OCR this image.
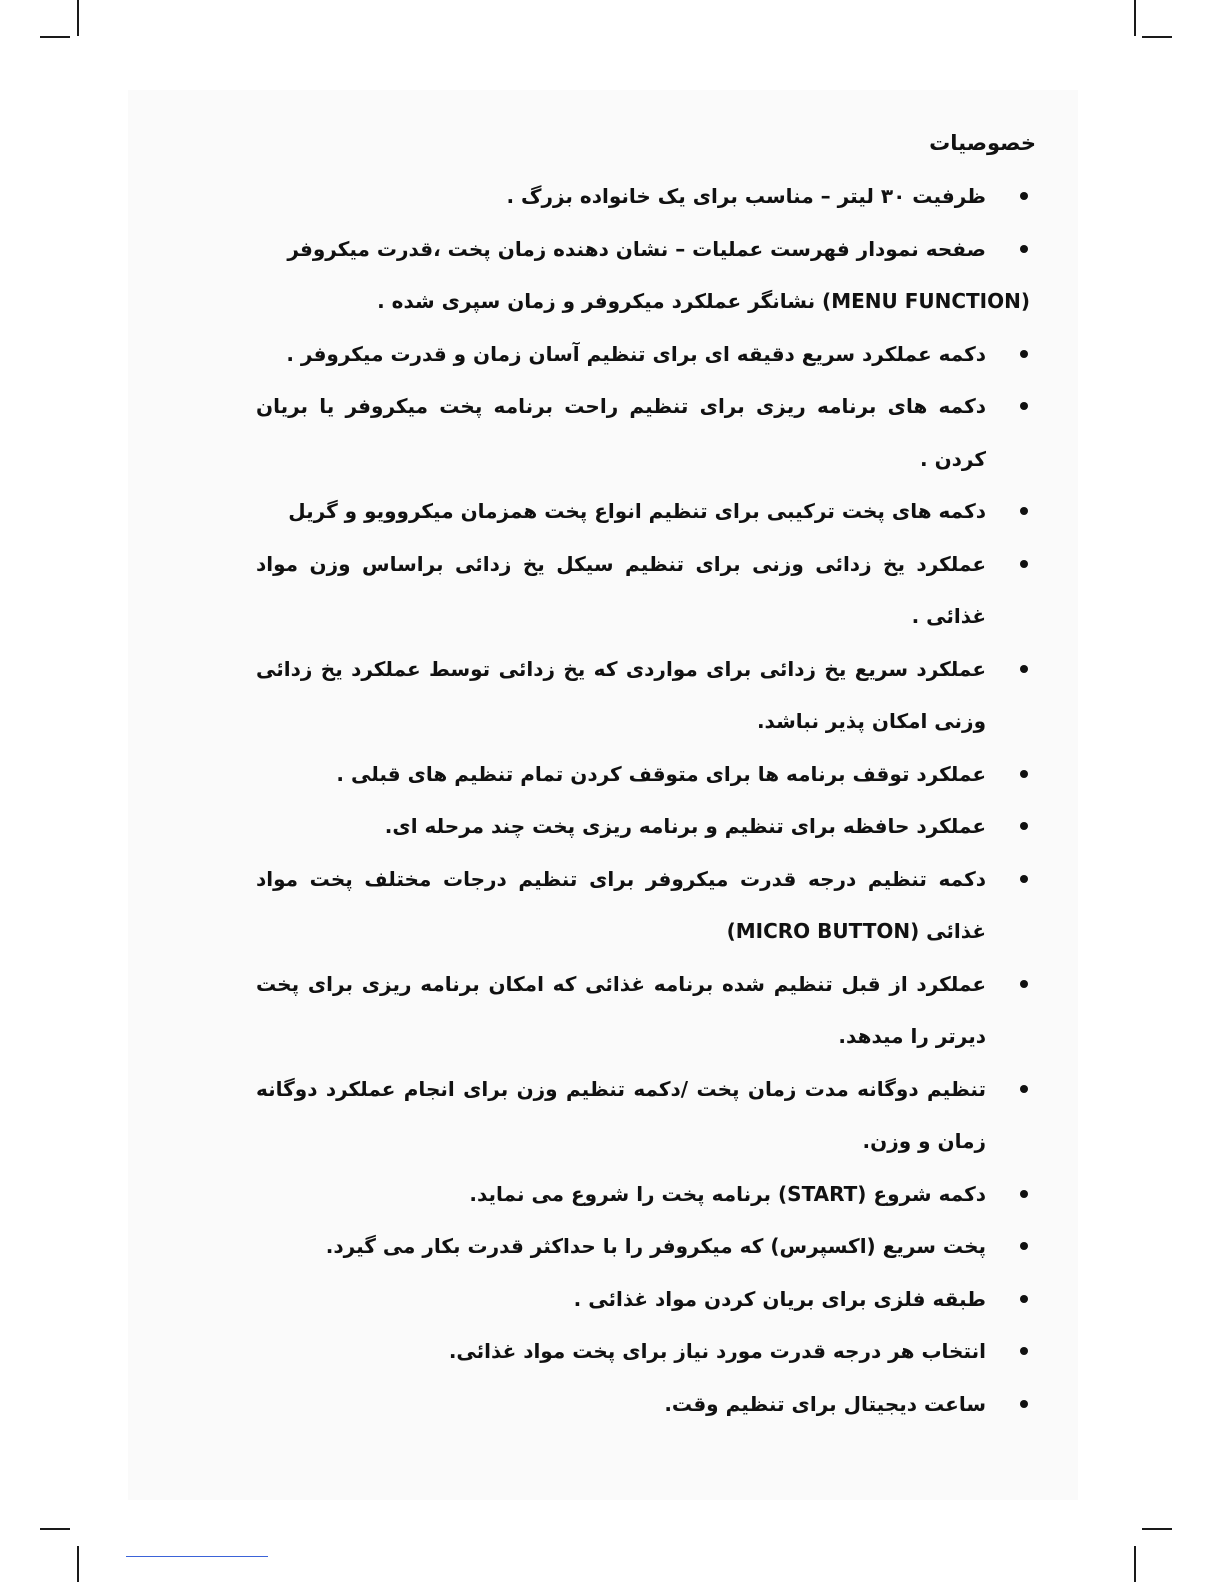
خصوصیات
ظرفیت ۳۰ لیتر – مناسب برای یک خانواده بزرگ .
صفحه نمودار فهرست عملیات – نشان دهنده زمان پخت ،قدرت میکروفر
(MENU FUNCTION) نشانگر عملکرد میکروفر و زمان سپری شده .
دکمه عملکرد سریع دقیقه ای برای تنظیم آسان زمان و قدرت میکروفر .
دکمه های برنامه ریزی برای تنظیم راحت برنامه پخت میکروفر یا بریان کردن .
دکمه های پخت ترکیبی برای تنظیم انواع پخت همزمان میکروویو و گریل
عملکرد یخ زدائی وزنی برای تنظیم سیکل یخ زدائی براساس وزن مواد غذائی .
عملکرد سریع یخ زدائی برای مواردی که یخ زدائی توسط عملکرد یخ زدائی وزنی امکان پذیر نباشد.
عملکرد توقف برنامه ها برای متوقف کردن تمام تنظیم های قبلی .
عملکرد حافظه برای تنظیم و برنامه ریزی پخت چند مرحله ای.
دکمه تنظیم درجه قدرت میکروفر برای تنظیم درجات مختلف پخت مواد غذائی (MICRO BUTTON)
عملکرد از قبل تنظیم شده برنامه غذائی که امکان برنامه ریزی برای پخت دیرتر را میدهد.
تنظیم دوگانه مدت زمان پخت /دکمه تنظیم وزن برای انجام عملکرد دوگانه زمان و وزن.
دکمه شروع (START) برنامه پخت را شروع می نماید.
پخت سریع (اکسپرس) که میکروفر را با حداکثر قدرت بکار می گیرد.
طبقه فلزی برای بریان کردن مواد غذائی .
انتخاب هر درجه قدرت مورد نیاز برای پخت مواد غذائی.
ساعت دیجیتال برای تنظیم وقت.
